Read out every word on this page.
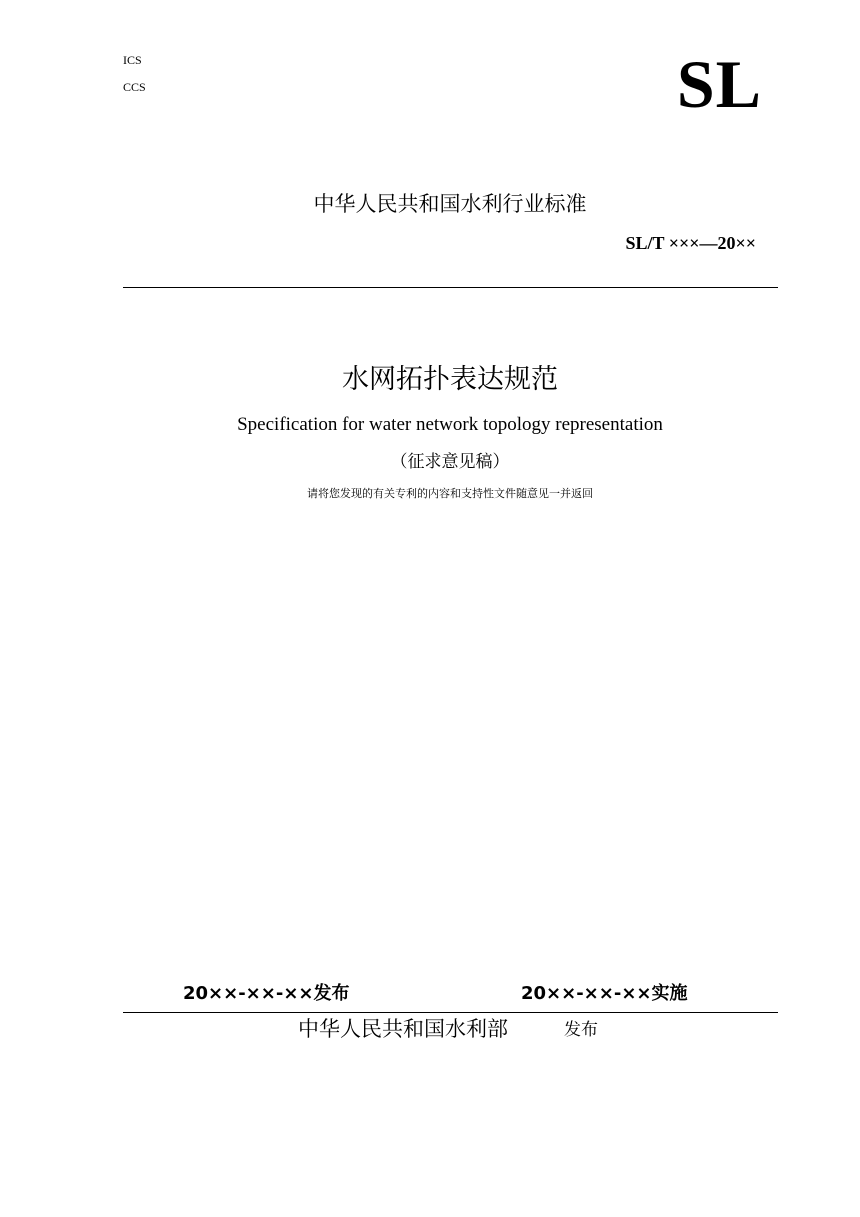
ICS
CCS	SL
中华人民共和国水利行业标准
SL/T ×××—20××
水网拓扑表达规范
Specification for water network topology representation
（征求意见稿）
请将您发现的有关专利的内容和支持性文件随意见一并返回
20××-××-××发布	20××-××-××实施
中华人民共和国水利部	发布
